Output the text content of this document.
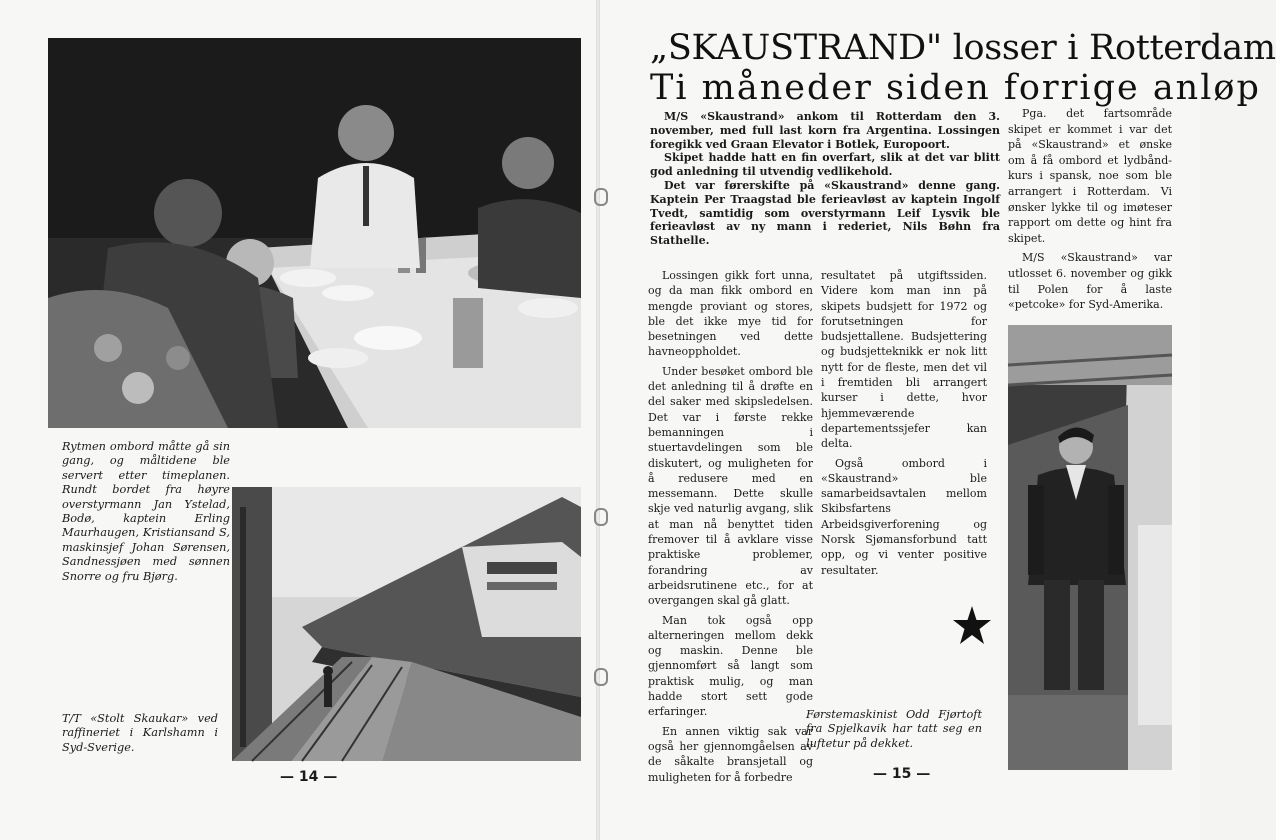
Rytmen ombord måtte gå sin gang, og måltidene ble servert etter timeplanen. Rundt bordet fra høyre overstyrmann Jan Ystelad, Bodø, kaptein Erling Maurhaugen, Kristiansand S, maskinsjef Johan Sørensen, Sandnessjøen med sønnen Snorre og fru Bjørg.
T/T «Stolt Skaukar» ved raffineriet i Karlshamn i Syd-Sverige.
— 14 —
„SKAUSTRAND" losser i Rotterdam
Ti måneder siden forrige anløp

M/S «Skaustrand» ankom til Rotterdam den 3. november, med full last korn fra Argentina. Lossingen foregikk ved Graan Elevator i Botlek, Europoort.

Skipet hadde hatt en fin overfart, slik at det var blitt god anledning til utvendig vedlikehold.

Det var førerskifte på «Skaustrand» denne gang. Kaptein Per Traagstad ble ferieavløst av kaptein Ingolf Tvedt, samtidig som overstyrmann Leif Lysvik ble ferieavløst av ny mann i rederiet, Nils Bøhn fra Stathelle.

Lossingen gikk fort unna, og da man fikk ombord en mengde proviant og stores, ble det ikke mye tid for besetningen ved dette havneoppholdet.

Under besøket ombord ble det anledning til å drøfte en del saker med skipsledelsen. Det var i første rekke bemanningen i stuertavdelingen som ble diskutert, og muligheten for å redusere med en messemann. Dette skulle skje ved naturlig avgang, slik at man nå benyttet tiden fremover til å avklare visse praktiske problemer, forandring av arbeidsrutinene etc., for at overgangen skal gå glatt.

Man tok også opp alterneringen mellom dekk og maskin. Denne ble gjennomført så langt som praktisk mulig, og man hadde stort sett gode erfaringer.

En annen viktig sak var også her gjennomgåelsen av de såkalte bransjetall og muligheten for å forbedre

resultatet på utgiftssiden. Videre kom man inn på skipets budsjett for 1972 og forutsetningen for budsjettallene. Budsjettering og budsjetteknikk er nok litt nytt for de fleste, men det vil i fremtiden bli arrangert kurser i dette, hvor hjemmeværende departementssjefer kan delta.

Også ombord i «Skaustrand» ble samarbeidsavtalen mellom Skibsfartens Arbeidsgiverforening og Norsk Sjømansforbund tatt opp, og vi venter positive resultater.

Pga. det fartsområde skipet er kommet i var det på «Skaustrand» et ønske om å få ombord et lydbånd-kurs i spansk, noe som ble arrangert i Rotterdam. Vi ønsker lykke til og imøteser rapport om dette og hint fra skipet.

M/S «Skaustrand» var utlosset 6. november og gikk til Polen for å laste «petcoke» for Syd-Amerika.

Førstemaskinist Odd Fjørtoft fra Spjelkavik har tatt seg en luftetur på dekket.
— 15 —
